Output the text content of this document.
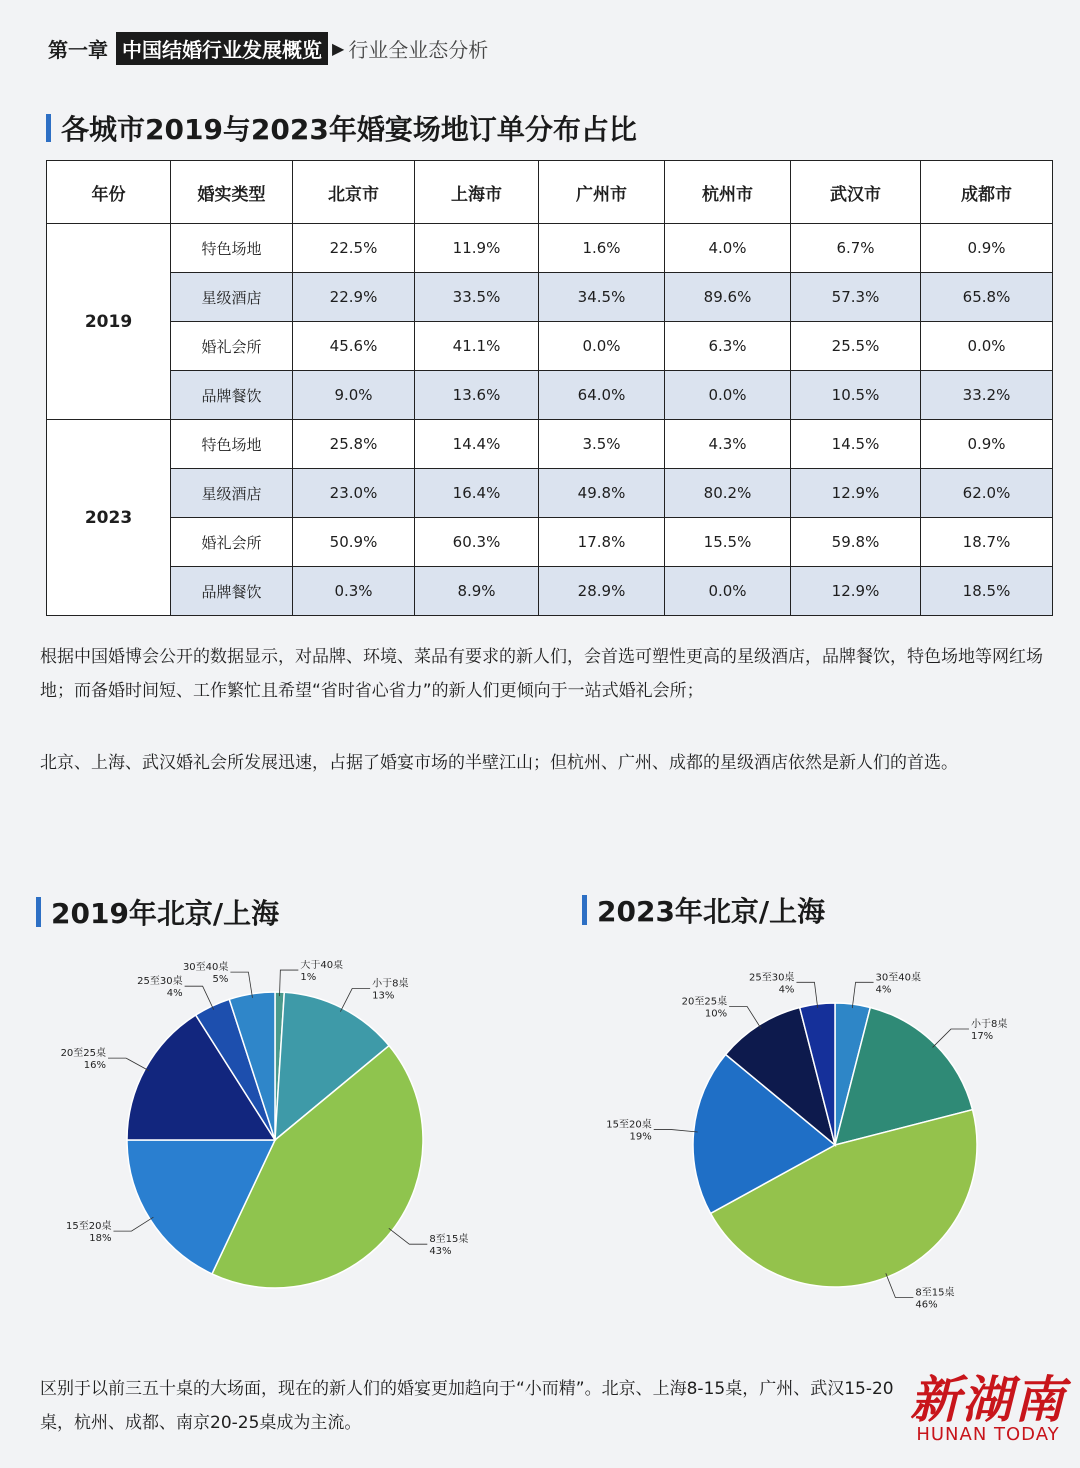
第一章 中国结婚行业发展概览 ▶ 行业全业态分析
各城市2019与2023年婚宴场地订单分布占比
年份	婚实类型	北京市	上海市	广州市	杭州市	武汉市	成都市
2019	特色场地	22.5%	11.9%	1.6%	4.0%	6.7%	0.9%
	星级酒店	22.9%	33.5%	34.5%	89.6%	57.3%	65.8%
	婚礼会所	45.6%	41.1%	0.0%	6.3%	25.5%	0.0%
	品牌餐饮	9.0%	13.6%	64.0%	0.0%	10.5%	33.2%
2023	特色场地	25.8%	14.4%	3.5%	4.3%	14.5%	0.9%
	星级酒店	23.0%	16.4%	49.8%	80.2%	12.9%	62.0%
	婚礼会所	50.9%	60.3%	17.8%	15.5%	59.8%	18.7%
	品牌餐饮	0.3%	8.9%	28.9%	0.0%	12.9%	18.5%
根据中国婚博会公开的数据显示，对品牌、环境、菜品有要求的新人们，会首选可塑性更高的星级酒店，品牌餐饮，特色场地等网红场地；而备婚时间短、工作繁忙且希望“省时省心省力”的新人们更倾向于一站式婚礼会所；
北京、上海、武汉婚礼会所发展迅速，占据了婚宴市场的半壁江山；但杭州、广州、成都的星级酒店依然是新人们的首选。
2019年北京/上海	2023年北京/上海
大于40桌
1%
小于8桌
13%
8至15桌
43%
15至20桌
18%
20至25桌
16%
25至30桌
4%
30至40桌
5%	30至40桌
4%
小于8桌
17%
8至15桌
46%
15至20桌
19%
20至25桌
10%
25至30桌
4%
区别于以前三五十桌的大场面，现在的新人们的婚宴更加趋向于“小而精”。北京、上海8-15桌，广州、武汉15-20桌，杭州、成都、南京20-25桌成为主流。	新湖南
HUNAN TODAY
